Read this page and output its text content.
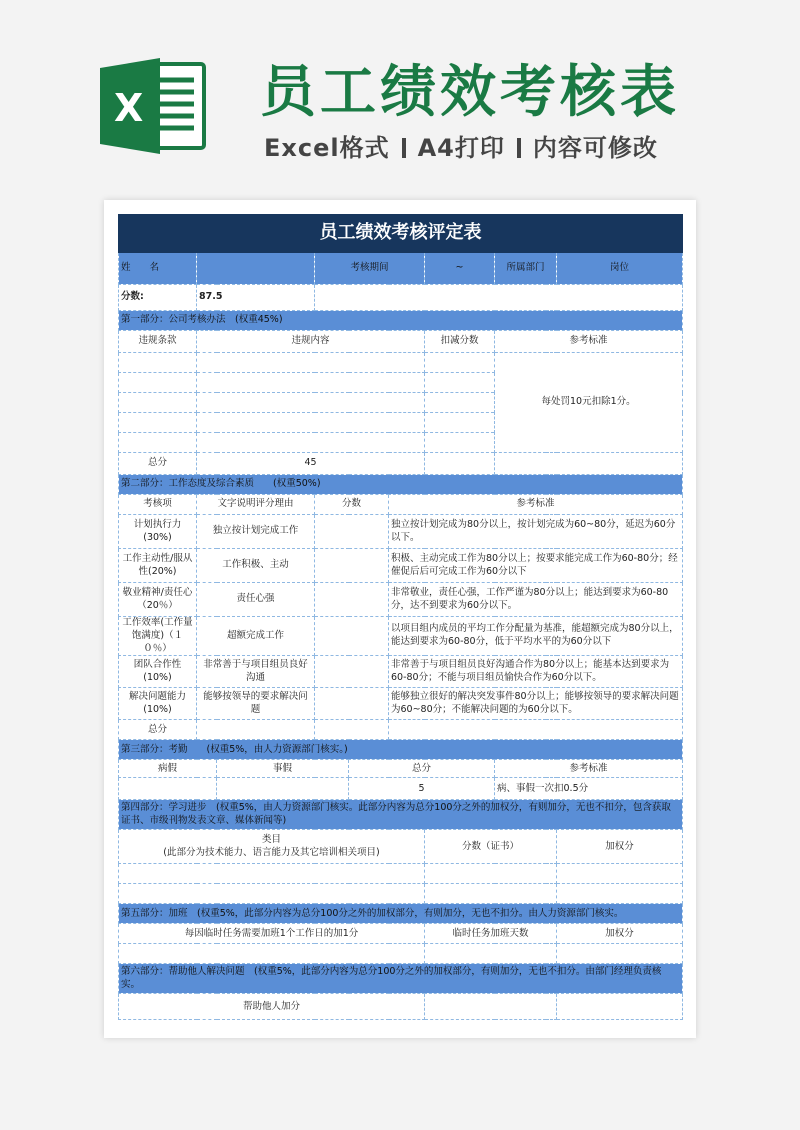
X 员工绩效考核表
Excel格式 A4打印 内容可修改
员工绩效考核评定表								
姓　　名			考核期间			~	所属部门	岗位
分数:	87.5							
第一部分：公司考核办法　(权重45%)								
违规条款	违规内容					扣减分数	参考标准	
							每处罚10元扣除1分。	

总分	45							
第二部分：工作态度及综合素质　　(权重50%)								
考核项	文字说明评分理由		分数		参考标准			
计划执行力(30%)	独立按计划完成工作				独立按计划完成为80分以上，按计划完成为60~80分，延迟为60分以下。			
工作主动性/服从性(20%)	工作积极、主动				积极、主动完成工作为80分以上；按要求能完成工作为60-80分；经催促后后可完成工作为60分以下			
敬业精神/责任心（20％）	责任心强				非常敬业，责任心强，工作严谨为80分以上；能达到要求为60-80分，达不到要求为60分以下。			
工作效率(工作量饱满度)（１０％）	超额完成工作				以项目组内成员的平均工作分配量为基准，能超额完成为80分以上，能达到要求为60-80分，低于平均水平的为60分以下			
团队合作性(10%)	非常善于与项目组员良好沟通				非常善于与项目组员良好沟通合作为80分以上；能基本达到要求为60-80分；不能与项目组员愉快合作为60分以下。			
解决问题能力(10%)	能够按领导的要求解决问题				能够独立很好的解决突发事件80分以上；能够按领导的要求解决问题为60~80分；不能解决问题的为60分以下。			
总分								
第三部分：考勤　　(权重5%，由人力资源部门核实。)								
病假		事假		总分			参考标准	
				5			病、事假一次扣0.5分	
第四部分：学习进步　(权重5%，由人力资源部门核实。此部分内容为总分100分之外的加权分，有则加分，无也不扣分，包含获取证书、市级刊物发表文章、媒体新闻等)								
类目
(此部分为技术能力、语言能力及其它培训相关项目)						分数（证书）		加权分

第五部分：加班　(权重5%，此部分内容为总分100分之外的加权部分，有则加分，无也不扣分。由人力资源部门核实。								
每因临时任务需要加班1个工作日的加1分						临时任务加班天数		加权分

第六部分：帮助他人解决问题　(权重5%，此部分内容为总分100分之外的加权部分，有则加分，无也不扣分。由部门经理负责核实。								
帮助他人加分								
